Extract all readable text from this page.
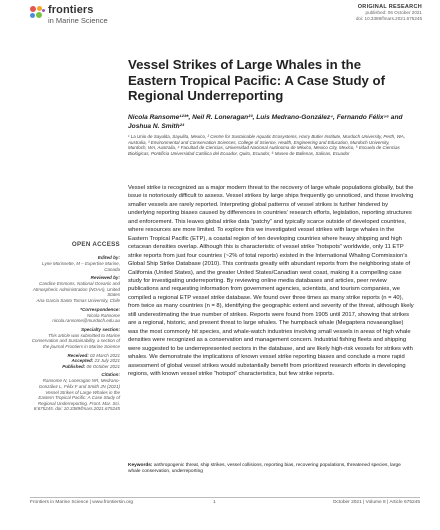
frontiers
in Marine Science
ORIGINAL RESEARCH
published: 06 October 2021
doi: 10.3389/fmars.2021.675245
Vessel Strikes of Large Whales in the Eastern Tropical Pacific: A Case Study of Regional Underreporting
Nicola Ransome¹²³*, Neil R. Loneragan²³, Luis Medrano-González⁴, Fernando Félix⁵⁶ and Joshua N. Smith²³
¹ La Unio de Sayulita, Sayulita, Mexico, ² Centre for Sustainable Aquatic Ecosystems, Harry Butler Institute, Murdoch University, Perth, WA, Australia, ³ Environmental and Conservation Sciences, College of Science, Health, Engineering and Education, Murdoch University, Murdoch, WA, Australia, ⁴ Facultad de Ciencias, Universidad Nacional Autónoma de México, Mexico City, Mexico, ⁵ Escuela de Ciencias Biológicas, Pontificia Universidad Católica del Ecuador, Quito, Ecuador, ⁶ Museo de Ballenas, Salinas, Ecuador
OPEN ACCESS
Edited by:
Lyne Morissette, M – Expertise Marine, Canada
Reviewed by:
Candice Emmons, National Oceanic and Atmospheric Administration (NOAA), United States
Ana Garcia Santo Tomas University, Chile
*Correspondence:
Nicola Ransome nicola.ransome@murdoch.edu.au
Specialty section:
This article was submitted to Marine Conservation and Sustainability, a section of the journal Frontiers in Marine Science
Received: 02 March 2021
Accepted: 23 July 2021
Published: 06 October 2021
Citation:
Ransome N, Loneragan NR, Medrano-González L, Félix F and Smith JN (2021) Vessel Strikes of Large Whales in the Eastern Tropical Pacific: A Case Study of Regional Underreporting. Front. Mar. Sci. 8:675245. doi: 10.3389/fmars.2021.675245
Vessel strike is recognized as a major modern threat to the recovery of large whale populations globally, but the issue is notoriously difficult to assess. Vessel strikes by large ships frequently go unnoticed, and those involving smaller vessels are rarely reported. Interpreting global patterns of vessel strikes is further hindered by underlying reporting biases caused by differences in countries’ research efforts, legislation, reporting structures and enforcement. This leaves global strike data “patchy” and typically scarce outside of developed countries, where resources are more limited. To explore this we investigated vessel strikes with large whales in the Eastern Tropical Pacific (ETP), a coastal region of ten developing countries where heavy shipping and high cetacean densities overlap. Although this is characteristic of vessel strike “hotspots” worldwide, only 11 ETP strike reports from just four countries (~2% of total reports) existed in the International Whaling Commission’s Global Ship Strike Database (2010). This contrasts greatly with abundant reports from the neighboring state of California (United States), and the greater United States/Canadian west coast, making it a compelling case study for investigating underreporting. By reviewing online media databases and articles, peer review publications and requesting information from government agencies, scientists, and tourism companies, we compiled a regional ETP vessel strike database. We found over three times as many strike reports (n = 40), from twice as many countries (n = 8), identifying the geographic extent and severity of the threat, although likely still underestimating the true number of strikes. Reports were found from 1905 until 2017, showing that strikes are a regional, historic, and present threat to large whales. The humpback whale (Megaptera novaeangliae) was the most commonly hit species, and whale-watch industries involving small vessels in areas of high whale densities were recognized as a conservation and management concern. Industrial fishing fleets and shipping were suggested to be underrepresented sectors in the database, and are likely high-risk vessels for strikes with whales. We demonstrate the implications of known vessel strike reporting biases and conclude a more rapid assessment of global vessel strikes would substantially benefit from prioritized research efforts in developing regions, with known vessel strike “hotspot” characteristics, but few strike reports.
Keywords: anthropogenic threat, ship strikes, vessel collisions, reporting bias, recovering populations, threatened species, large whale conservation, underreporting
Frontiers in Marine Science | www.frontiersin.org	1	October 2021 | Volume 8 | Article 675245
